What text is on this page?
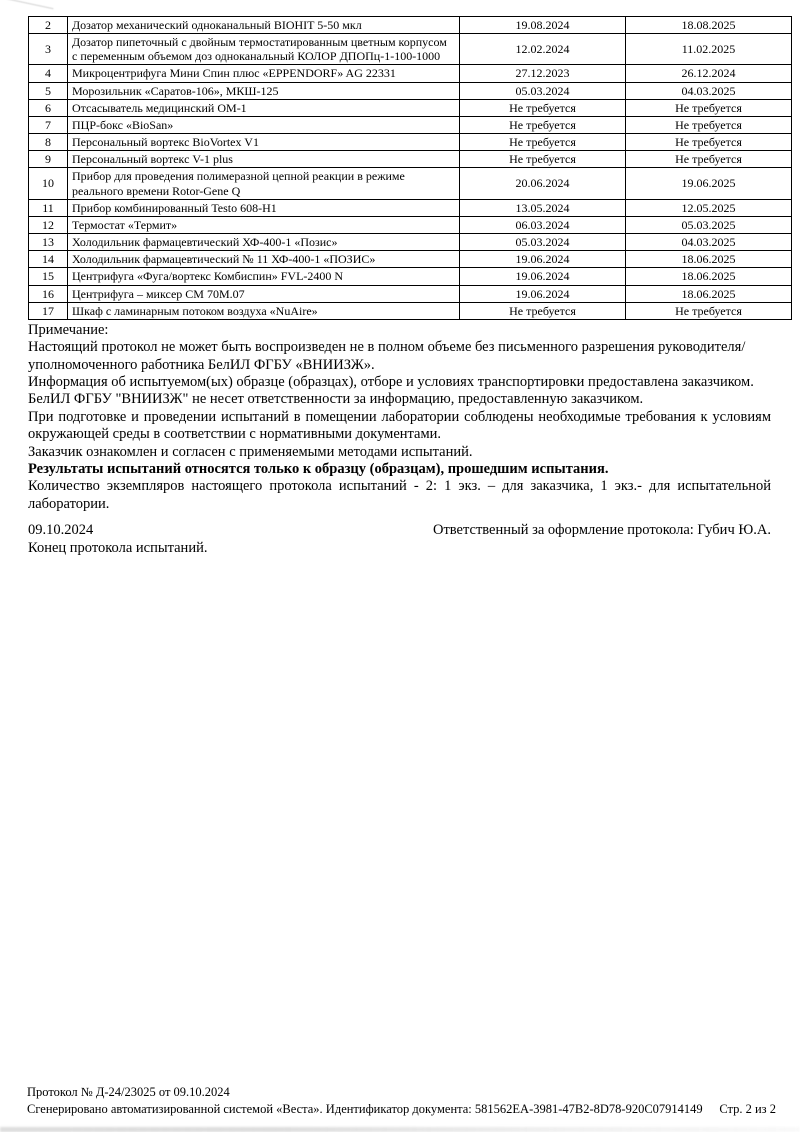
2	Дозатор механический одноканальный BIOHIT 5-50 мкл	19.08.2024	18.08.2025
3	Дозатор пипеточный с двойным термостатированным цветным корпусом с переменным объемом доз одноканальный КОЛОР ДПОПц-1-100-1000	12.02.2024	11.02.2025
4	Микроцентрифуга Мини Спин плюс «EPPENDORF» AG 22331	27.12.2023	26.12.2024
5	Морозильник «Саратов-106», МКШ-125	05.03.2024	04.03.2025
6	Отсасыватель медицинский ОМ-1	Не требуется	Не требуется
7	ПЦР-бокс «BioSan»	Не требуется	Не требуется
8	Персональный вортекс BioVortex V1	Не требуется	Не требуется
9	Персональный вортекс V-1 plus	Не требуется	Не требуется
10	Прибор для проведения полимеразной цепной реакции в режиме реального времени Rotor-Gene Q	20.06.2024	19.06.2025
11	Прибор комбинированный Testo 608-H1	13.05.2024	12.05.2025
12	Термостат «Термит»	06.03.2024	05.03.2025
13	Холодильник фармацевтический ХФ-400-1 «Позис»	05.03.2024	04.03.2025
14	Холодильник фармацевтический № 11 ХФ-400-1 «ПОЗИС»	19.06.2024	18.06.2025
15	Центрифуга «Фуга/вортекс Комбиспин» FVL-2400 N	19.06.2024	18.06.2025
16	Центрифуга – миксер СМ 70М.07	19.06.2024	18.06.2025
17	Шкаф с ламинарным потоком воздуха «NuAire»	Не требуется	Не требуется

Примечание:

Настоящий протокол не может быть воспроизведен не в полном объеме без письменного разрешения руководителя/уполномоченного работника БелИЛ ФГБУ «ВНИИЗЖ».

Информация об испытуемом(ых) образце (образцах), отборе и условиях транспортировки предоставлена заказчиком.

БелИЛ ФГБУ "ВНИИЗЖ" не несет ответственности за информацию, предоставленную заказчиком.

При подготовке и проведении испытаний в помещении лаборатории соблюдены необходимые требования к условиям окружающей среды в соответствии с нормативными документами.

Заказчик ознакомлен и согласен с применяемыми методами испытаний.

Результаты испытаний относятся только к образцу (образцам), прошедшим испытания.

Количество экземпляров настоящего протокола испытаний - 2: 1 экз. – для заказчика, 1 экз.- для испытательной лаборатории.

09.10.2024	Ответственный за оформление протокола: Губич Ю.А.

Конец протокола испытаний.

Протокол № Д-24/23025 от 09.10.2024
Сгенерировано автоматизированной системой «Веста». Идентификатор документа: 581562EA-3981-47B2-8D78-920C07914149 Стр. 2 из 2
